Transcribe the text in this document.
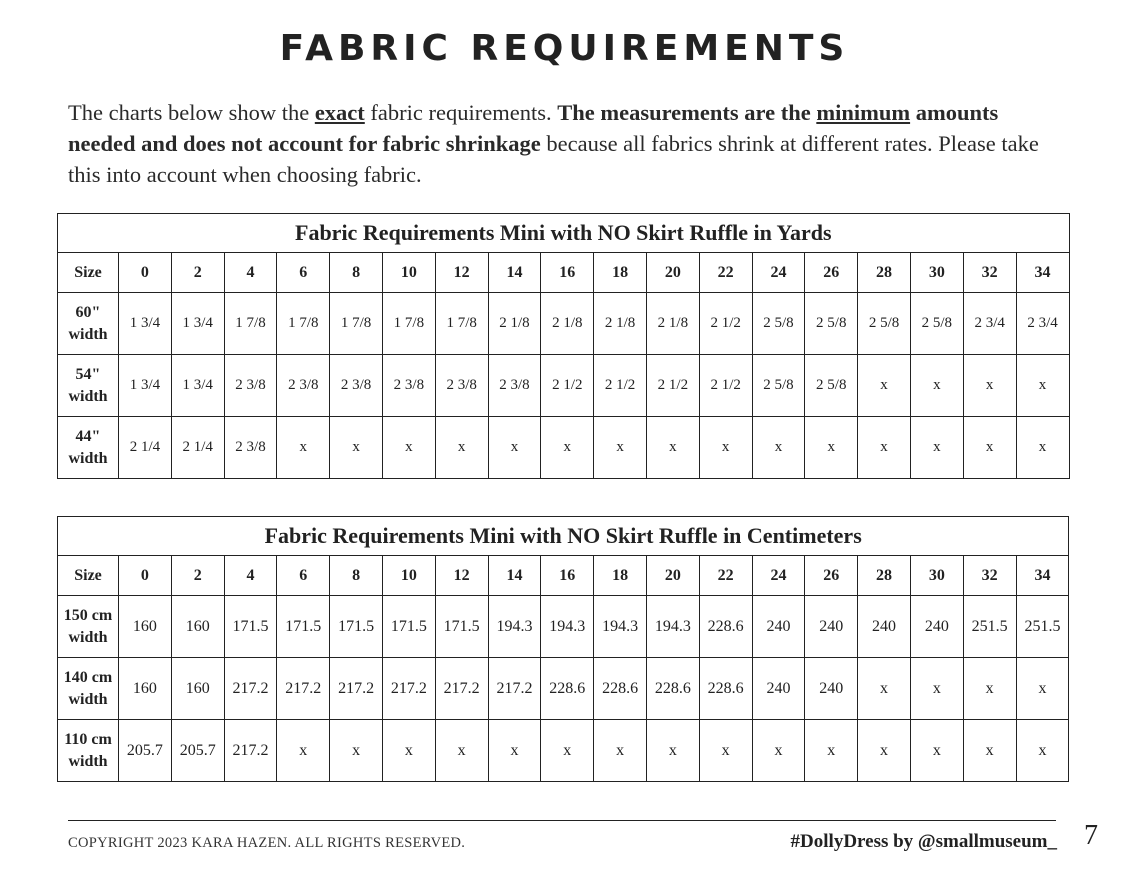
FABRIC REQUIREMENTS
The charts below show the exact fabric requirements. The measurements are the minimum amounts needed and does not account for fabric shrinkage because all fabrics shrink at different rates. Please take this into account when choosing fabric.
Fabric Requirements Mini with NO Skirt Ruffle in Yards																		
Size	0	2	4	6	8	10	12	14	16	18	20	22	24	26	28	30	32	34

60"
width	1 3/4	1 3/4	1 7/8	1 7/8	1 7/8	1 7/8	1 7/8	2 1/8	2 1/8	2 1/8	2 1/8	2 1/2	2 5/8	2 5/8	2 5/8	2 5/8	2 3/4	2 3/4

54"
width	1 3/4	1 3/4	2 3/8	2 3/8	2 3/8	2 3/8	2 3/8	2 3/8	2 1/2	2 1/2	2 1/2	2 1/2	2 5/8	2 5/8	x	x	x	x

44"
width	2 1/4	2 1/4	2 3/8	x	x	x	x	x	x	x	x	x	x	x	x	x	x	x
Fabric Requirements Mini with NO Skirt Ruffle in Centimeters																		
Size	0	2	4	6	8	10	12	14	16	18	20	22	24	26	28	30	32	34

150 cm
width	160	160	171.5	171.5	171.5	171.5	171.5	194.3	194.3	194.3	194.3	228.6	240	240	240	240	251.5	251.5

140 cm
width	160	160	217.2	217.2	217.2	217.2	217.2	217.2	228.6	228.6	228.6	228.6	240	240	x	x	x	x

110 cm
width	205.7	205.7	217.2	x	x	x	x	x	x	x	x	x	x	x	x	x	x	x
COPYRIGHT 2023 KARA HAZEN. ALL RIGHTS RESERVED.	#DollyDress by @smallmuseum_ 7
